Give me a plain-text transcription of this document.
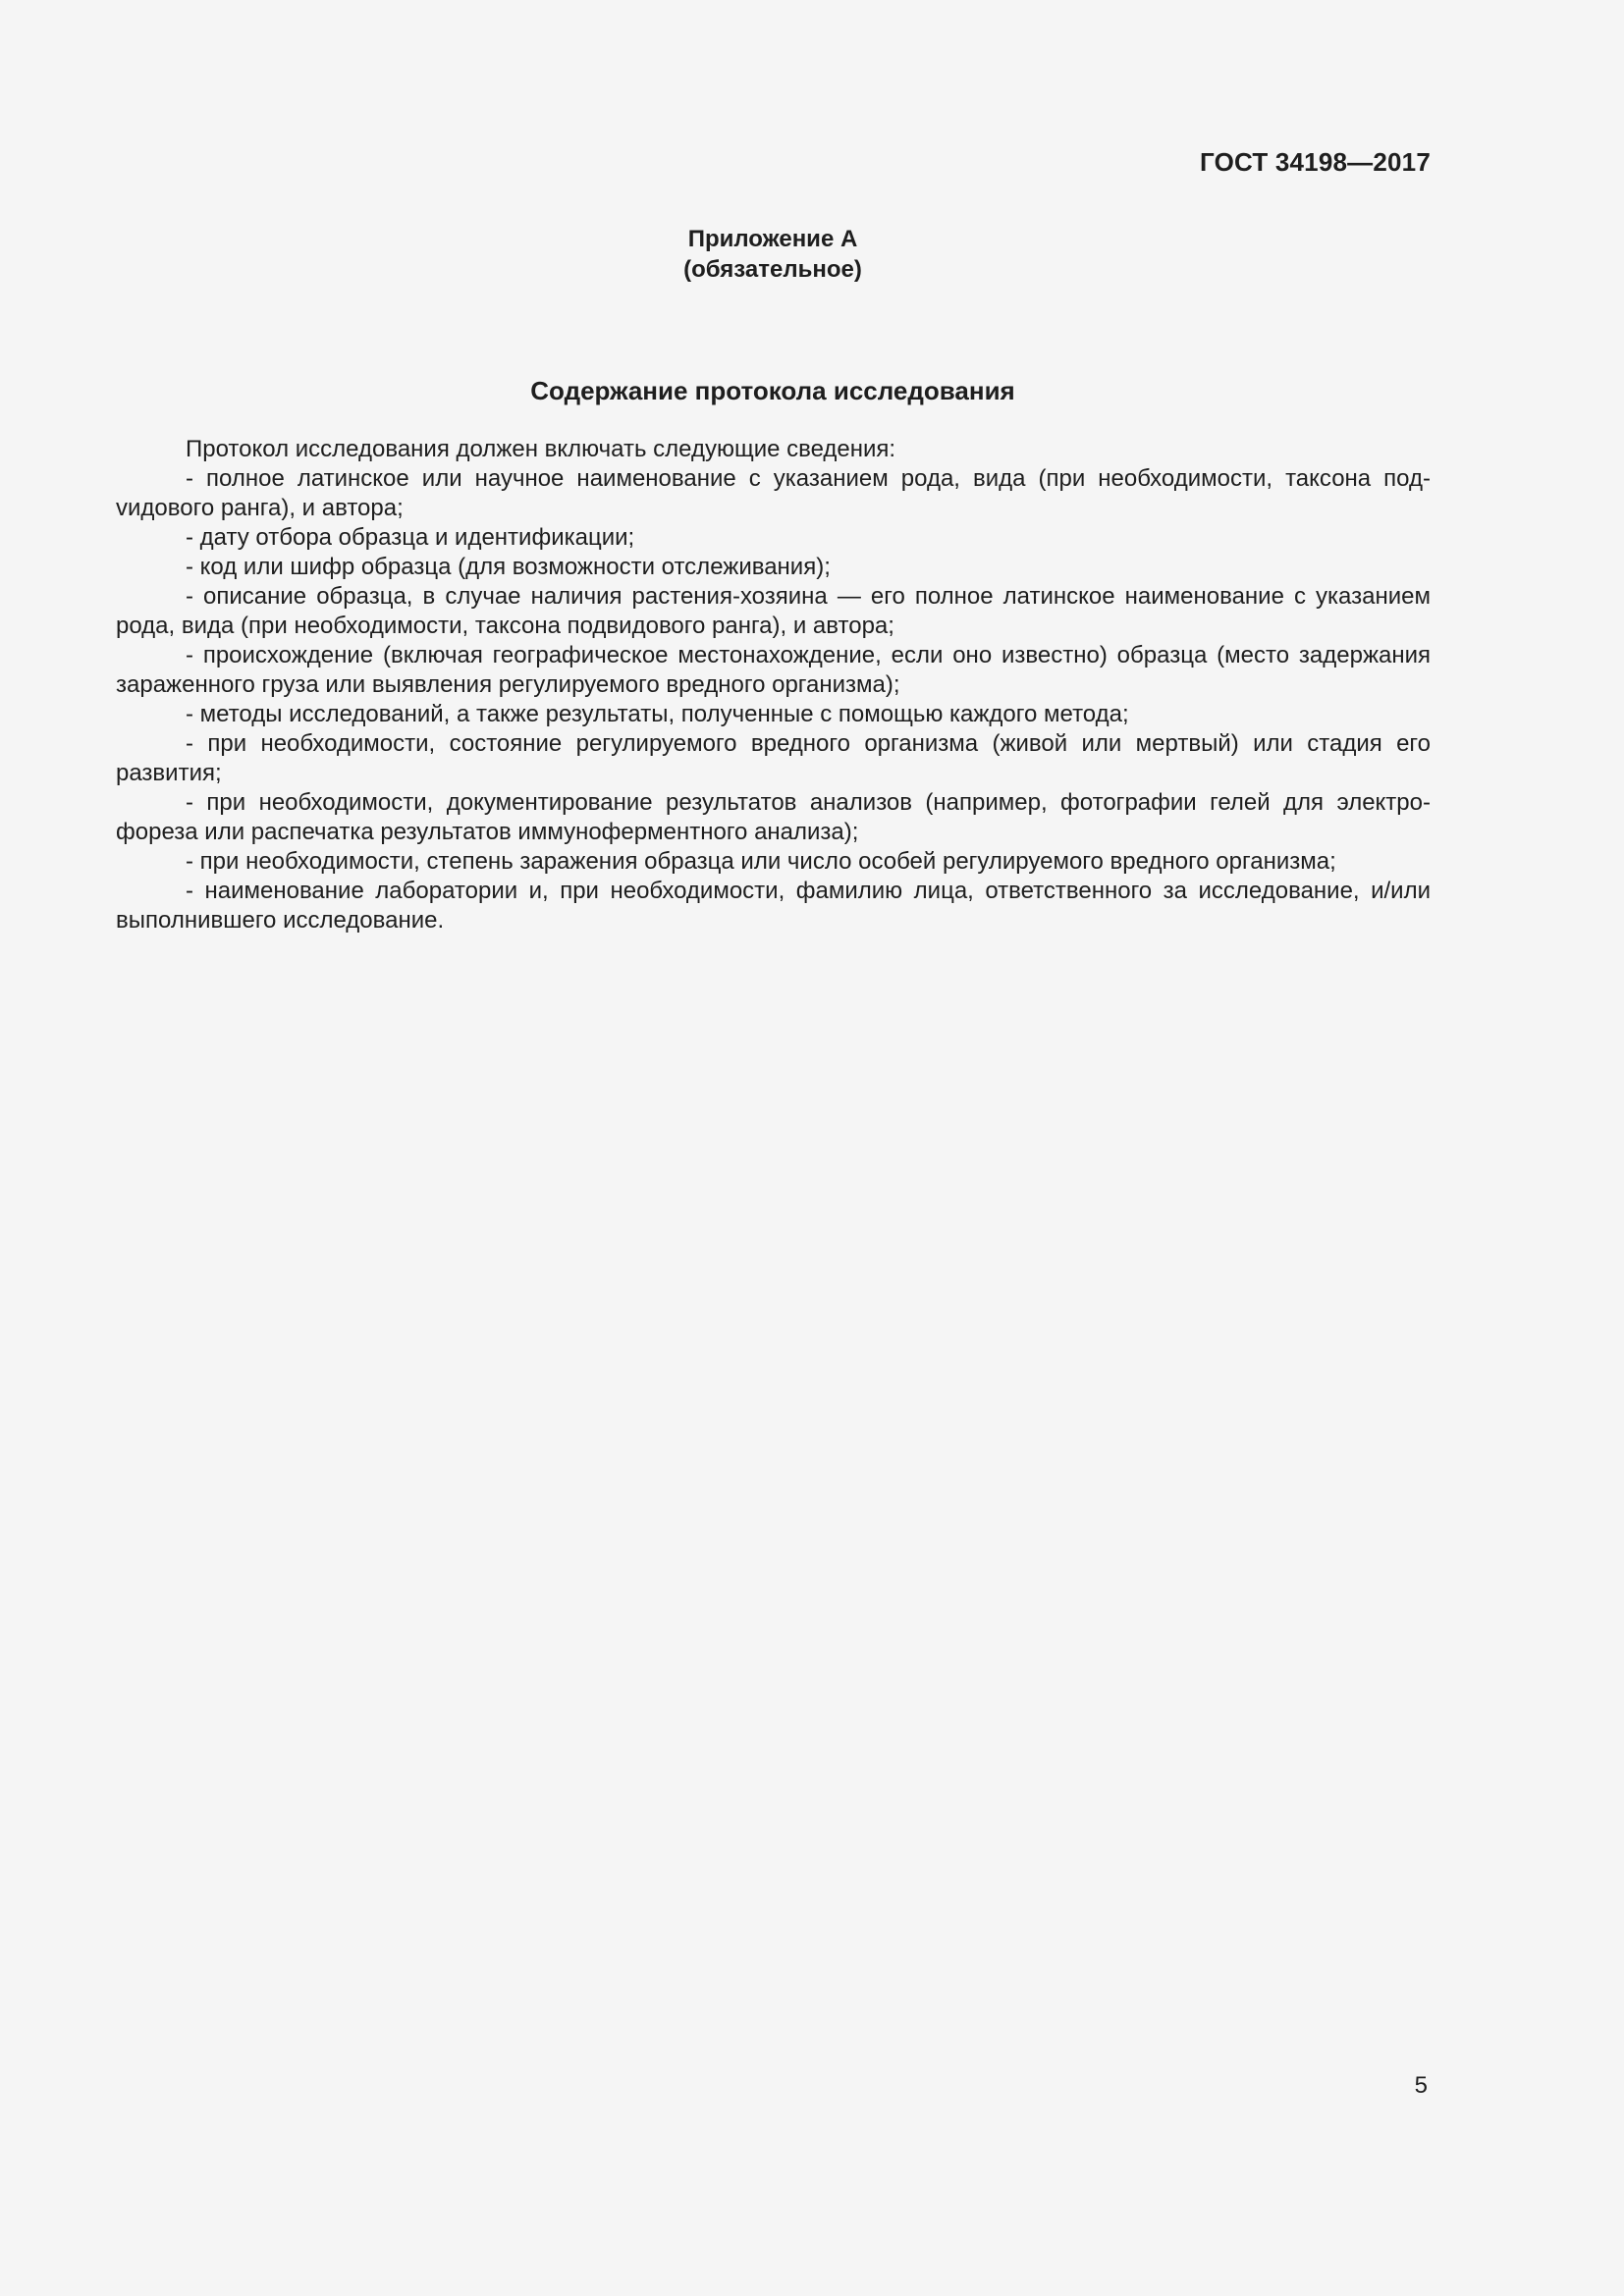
ГОСТ 34198—2017
Приложение А
(обязательное)
Содержание протокола исследования

Протокол исследования должен включать следующие сведения:

- полное латинское или научное наименование с указанием рода, вида (при необходимости, таксона подvидового ранга), и автора;

- дату отбора образца и идентификации;

- код или шифр образца (для возможности отслеживания);

- описание образца, в случае наличия растения-хозяина — его полное латинское наименование с указанием рода, вида (при необходимости, таксона подвидового ранга), и автора;

- происхождение (включая географическое местонахождение, если оно известно) образца (место задержания зараженного груза или выявления регулируемого вредного организма);

- методы исследований, а также результаты, полученные с помощью каждого метода;

- при необходимости, состояние регулируемого вредного организма (живой или мертвый) или стадия его развития;

- при необходимости, документирование результатов анализов (например, фотографии гелей для электрофореза или распечатка результатов иммуноферментного анализа);

- при необходимости, степень заражения образца или число особей регулируемого вредного организма;

- наименование лаборатории и, при необходимости, фамилию лица, ответственного за исследование, и/или выполнившего исследование.

5
